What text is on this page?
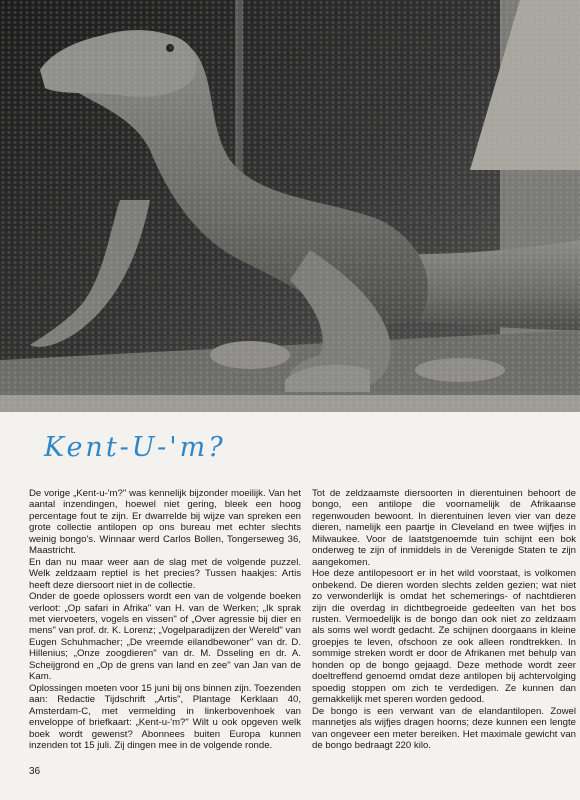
Kent-U-'m?

De vorige „Kent-u-'m?" was kennelijk bijzonder moeilijk. Van het aantal inzendingen, hoewel niet gering, bleek een hoog percentage fout te zijn. Er dwarrelde bij wijze van spreken een grote collectie antilopen op ons bureau met echter slechts weinig bongo's. Winnaar werd Carlos Bollen, Tongerseweg 36, Maastricht.

En dan nu maar weer aan de slag met de volgende puzzel. Welk zeldzaam reptiel is het precies? Tussen haakjes: Artis heeft deze diersoort niet in de collectie.

Onder de goede oplossers wordt een van de volgende boeken verloot: „Op safari in Afrika" van H. van de Werken; „Ik sprak met viervoeters, vogels en vissen" of „Over agressie bij dier en mens" van prof. dr. K. Lorenz; „Vogelparadijzen der Wereld" van Eugen Schuhmacher; „De vreemde eilandbewoner" van dr. D. Hillenius; „Onze zoogdieren" van dr. M. Dsseling en dr. A. Scheijgrond en „Op de grens van land en zee" van Jan van de Kam.

Oplossingen moeten voor 15 juni bij ons binnen zijn. Toezenden aan: Redactie Tijdschrift „Artis", Plantage Kerklaan 40, Amsterdam-C, met vermelding in linkerbovenhoek van enveloppe of briefkaart: „Kent-u-'m?" Wilt u ook opgeven welk boek wordt gewenst? Abonnees buiten Europa kunnen inzenden tot 15 juli. Zij dingen mee in de volgende ronde.

Tot de zeldzaamste diersoorten in dierentuinen behoort de bongo, een antilope die voornamelijk de Afrikaanse regenwouden bewoont. In dierentuinen leven vier van deze dieren, namelijk een paartje in Cleveland en twee wijfjes in Milwaukee. Voor de laatstgenoemde tuin schijnt een bok onderweg te zijn of inmiddels in de Verenigde Staten te zijn aangekomen.

Hoe deze antilopesoort er in het wild voorstaat, is volkomen onbekend. De dieren worden slechts zelden gezien; wat niet zo verwonderlijk is omdat het schemerings- of nachtdieren zijn die overdag in dichtbegroeide gedeelten van het bos rusten. Vermoedelijk is de bongo dan ook niet zo zeldzaam als soms wel wordt gedacht. Ze schijnen doorgaans in kleine groepjes te leven, ofschoon ze ook alleen rondtrekken. In sommige streken wordt er door de Afrikanen met behulp van honden op de bongo gejaagd. Deze methode wordt zeer doeltreffend genoemd omdat deze antilopen bij achtervolging spoedig stoppen om zich te verdedigen. Ze kunnen dan gemakkelijk met speren worden gedood.

De bongo is een verwant van de elandantilopen. Zowel mannetjes als wijfjes dragen hoorns; deze kunnen een lengte van ongeveer een meter bereiken. Het maximale gewicht van de bongo bedraagt 220 kilo.

36
